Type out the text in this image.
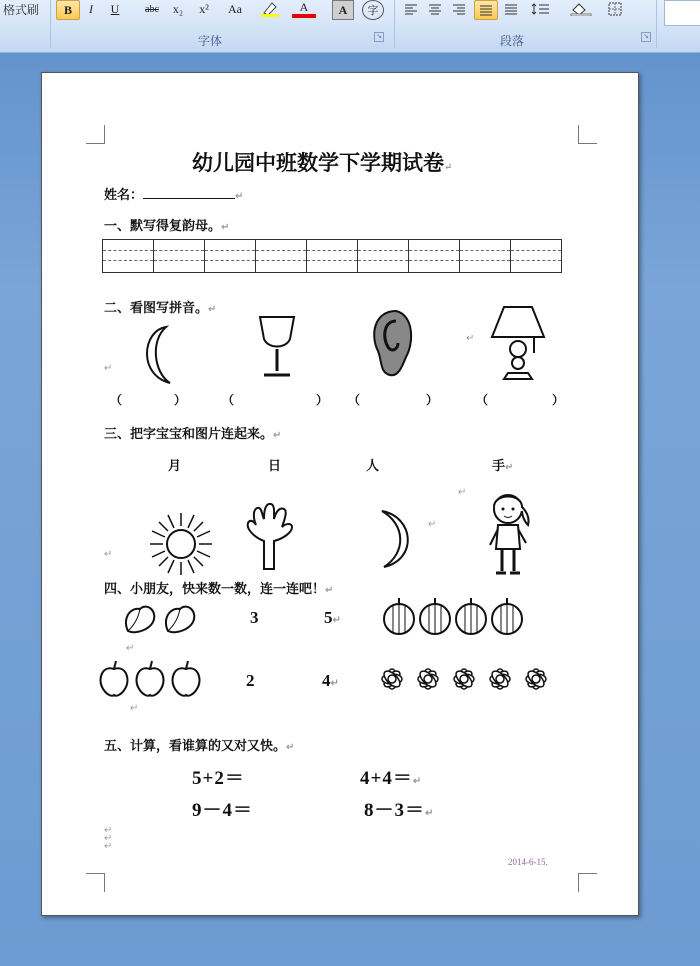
格式刷	B	I	U	abc	x₂	x²	Aa	A	A	字
字体	↘	段落	↘
幼儿园中班数学下学期试卷↵
姓名：	↵
一、默写得复韵母。↵

二、看图写拼音。↵
↵
↵
（	）	（	） （	）	（	）
三、把字宝宝和图片连起来。↵
月	日	人	手↵
↵
↵
↵
四、小朋友，快来数一数，连一连吧！↵
3	5↵
↵
↵
2	4↵
五、计算，看谁算的又对又快。↵
5+2＝	4+4＝↵
9－4＝	8－3＝↵
↵
↵
↵
2014-6-15.
